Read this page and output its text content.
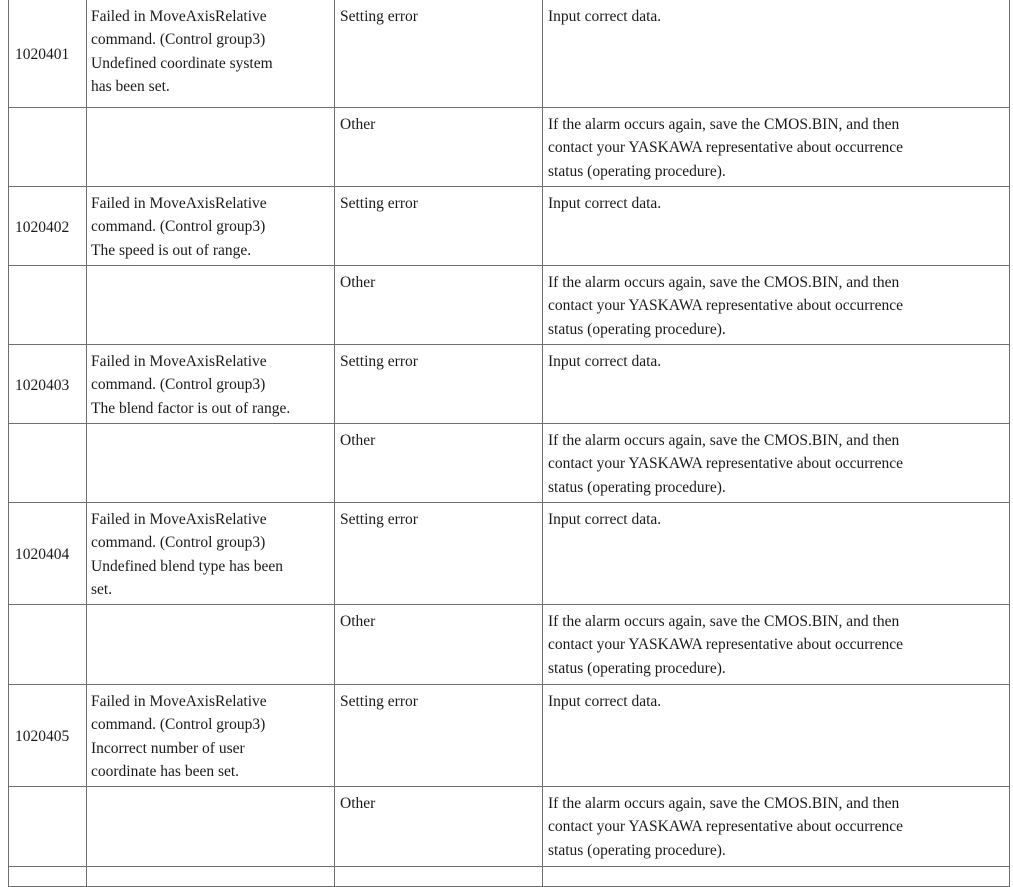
1020401	Failed in MoveAxisRelative
command. (Control group3)
Undefined coordinate system
has been set.	Setting error	Input correct data.

		Other	If the alarm occurs again, save the CMOS.BIN, and then
contact your YASKAWA representative about occurrence
status (operating procedure).

1020402	Failed in MoveAxisRelative
command. (Control group3)
The speed is out of range.	Setting error	Input correct data.

		Other	If the alarm occurs again, save the CMOS.BIN, and then
contact your YASKAWA representative about occurrence
status (operating procedure).

1020403	Failed in MoveAxisRelative
command. (Control group3)
The blend factor is out of range.	Setting error	Input correct data.

		Other	If the alarm occurs again, save the CMOS.BIN, and then
contact your YASKAWA representative about occurrence
status (operating procedure).

1020404	Failed in MoveAxisRelative
command. (Control group3)
Undefined blend type has been
set.	Setting error	Input correct data.

		Other	If the alarm occurs again, save the CMOS.BIN, and then
contact your YASKAWA representative about occurrence
status (operating procedure).

1020405	Failed in MoveAxisRelative
command. (Control group3)
Incorrect number of user
coordinate has been set.	Setting error	Input correct data.

		Other	If the alarm occurs again, save the CMOS.BIN, and then
contact your YASKAWA representative about occurrence
status (operating procedure).
